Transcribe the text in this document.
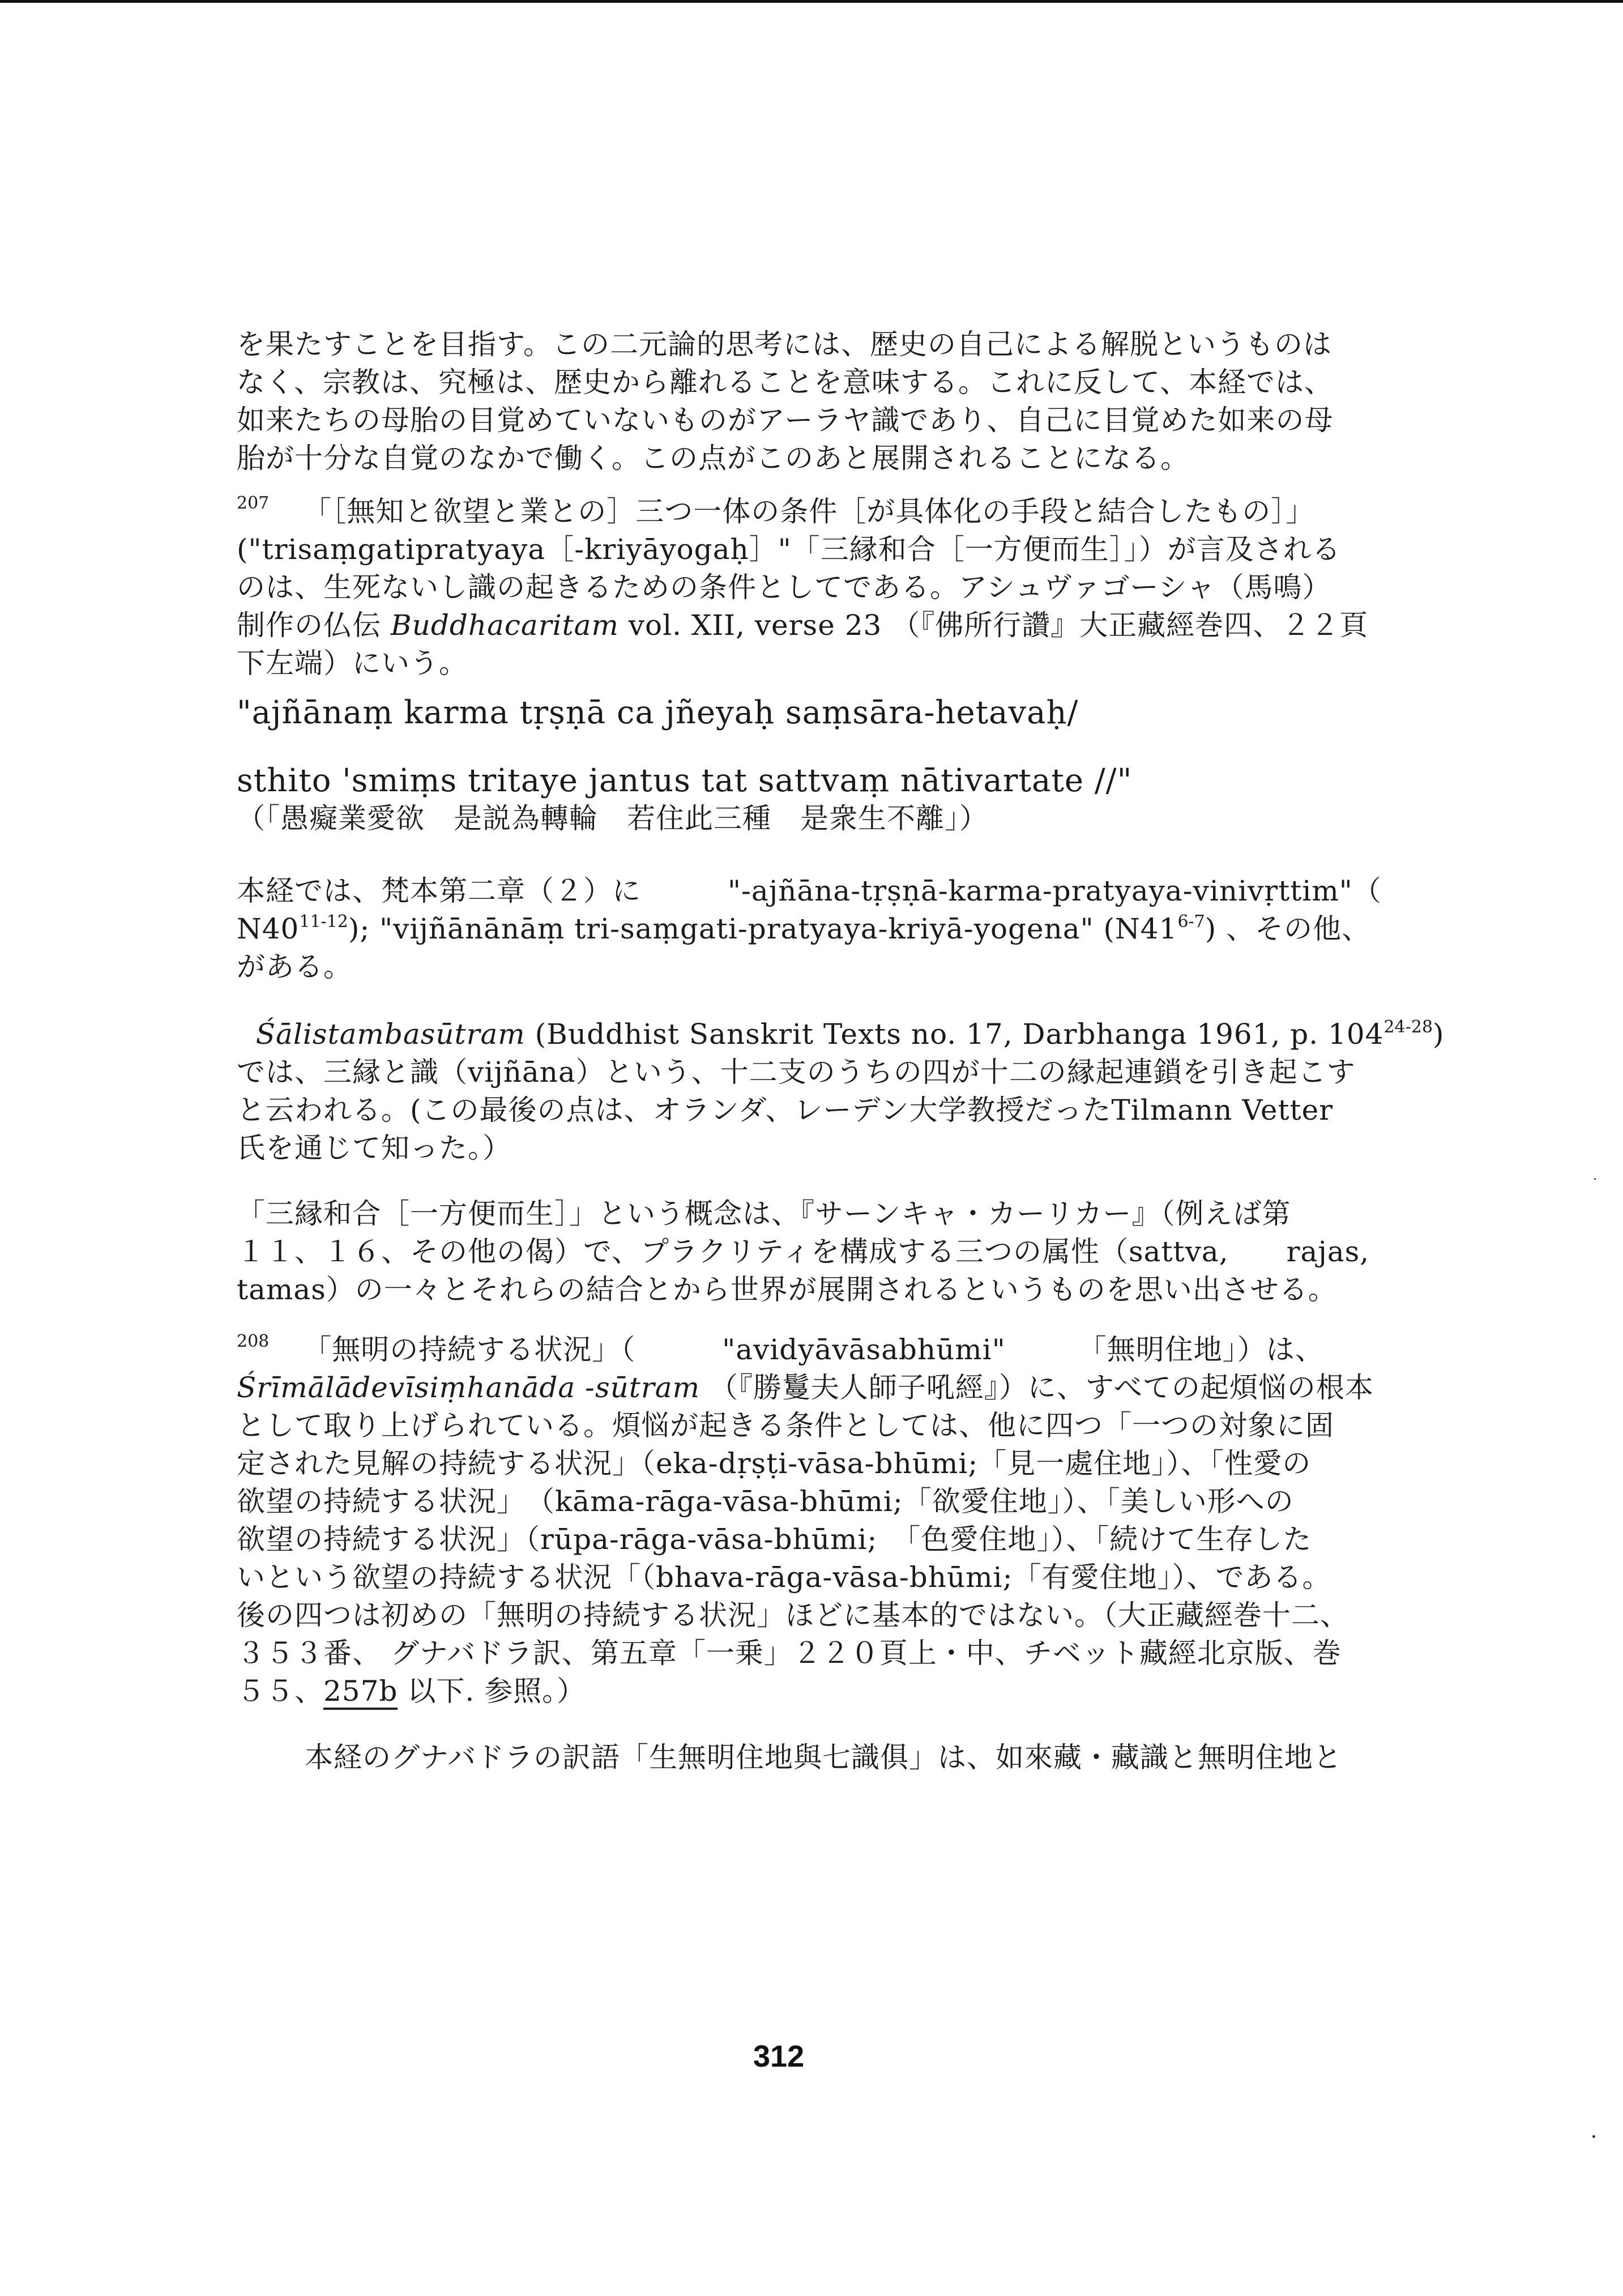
を果たすことを目指す。この二元論的思考には、歴史の自己による解脱というものは

なく、宗教は、究極は、歴史から離れることを意味する。これに反して、本経では、

如来たちの母胎の目覚めていないものがアーラヤ識であり、自己に目覚めた如来の母

胎が十分な自覚のなかで働く。この点がこのあと展開されることになる。

$^{207}$ 「［無知と欲望と業との］三つ一体の条件［が具体化の手段と結合したもの］」

("trisaṃgatipratyaya［-kriyāyogaḥ］"「三縁和合［一方便而生］」）が言及される

のは、生死ないし識の起きるための条件としてである。アシュヴァゴーシャ（馬鳴）

制作の仏伝 Buddhacaritam vol. XII, verse 23 （『佛所行讚』大正藏經巻四、２２頁

下左端）にいう。

"ajñānaṃ karma tṛṣṇā ca jñeyaḥ saṃsāra-hetavaḥ/

sthito 'smiṃs tritaye jantus tat sattvaṃ nātivartate //"

（「愚癡業愛欲　是説為轉輪　若住此三種　是衆生不離」）

本経では、梵本第二章（２）に　　　"-ajñāna-tṛṣṇā-karma-pratyaya-vinivṛttim"（

N40$^{11-12}$); "vijñānānāṃ tri-saṃgati-pratyaya-kriyā-yogena" (N41$^{6-7}$) 、その他、

がある。

Śālistambasūtram (Buddhist Sanskrit Texts no. 17, Darbhanga 1961, p. 104$^{24-28}$)

では、三縁と識（vijñāna）という、十二支のうちの四が十二の縁起連鎖を引き起こす

と云われる。(この最後の点は、オランダ、レーデン大学教授だったTilmann Vetter

氏を通じて知った。）

「三縁和合［一方便而生］」という概念は、『サーンキャ・カーリカー』（例えば第

１１、１６、その他の偈）で、プラクリティを構成する三つの属性（sattva,　　rajas,

tamas）の一々とそれらの結合とから世界が展開されるというものを思い出させる。

$^{208}$ 「無明の持続する状況」（　　　"avidyāvāsabhūmi"　　　「無明住地」）は、

Śrīmālādevīsiṃhanāda -sūtram （『勝鬘夫人師子吼經』）に、すべての起煩悩の根本

として取り上げられている。煩悩が起きる条件としては、他に四つ「一つの対象に固

定された見解の持続する状況」（eka-dṛṣṭi-vāsa-bhūmi;「見一處住地」）、「性愛の

欲望の持続する状況」　（kāma-rāga-vāsa-bhūmi;「欲愛住地」）、「美しい形への

欲望の持続する状況」（rūpa-rāga-vāsa-bhūmi;　「色愛住地」）、「続けて生存した

いという欲望の持続する状況「（bhava-rāga-vāsa-bhūmi;「有愛住地」）、である。

後の四つは初めの「無明の持続する状況」ほどに基本的ではない。（大正藏經巻十二、

３５３番、 グナバドラ訳、第五章「一乗」２２０頁上・中、チベット藏經北京版、巻

５５、257b 以下. 参照。）

本経のグナバドラの訳語「生無明住地與七識俱」は、如來藏・藏識と無明住地と

312
